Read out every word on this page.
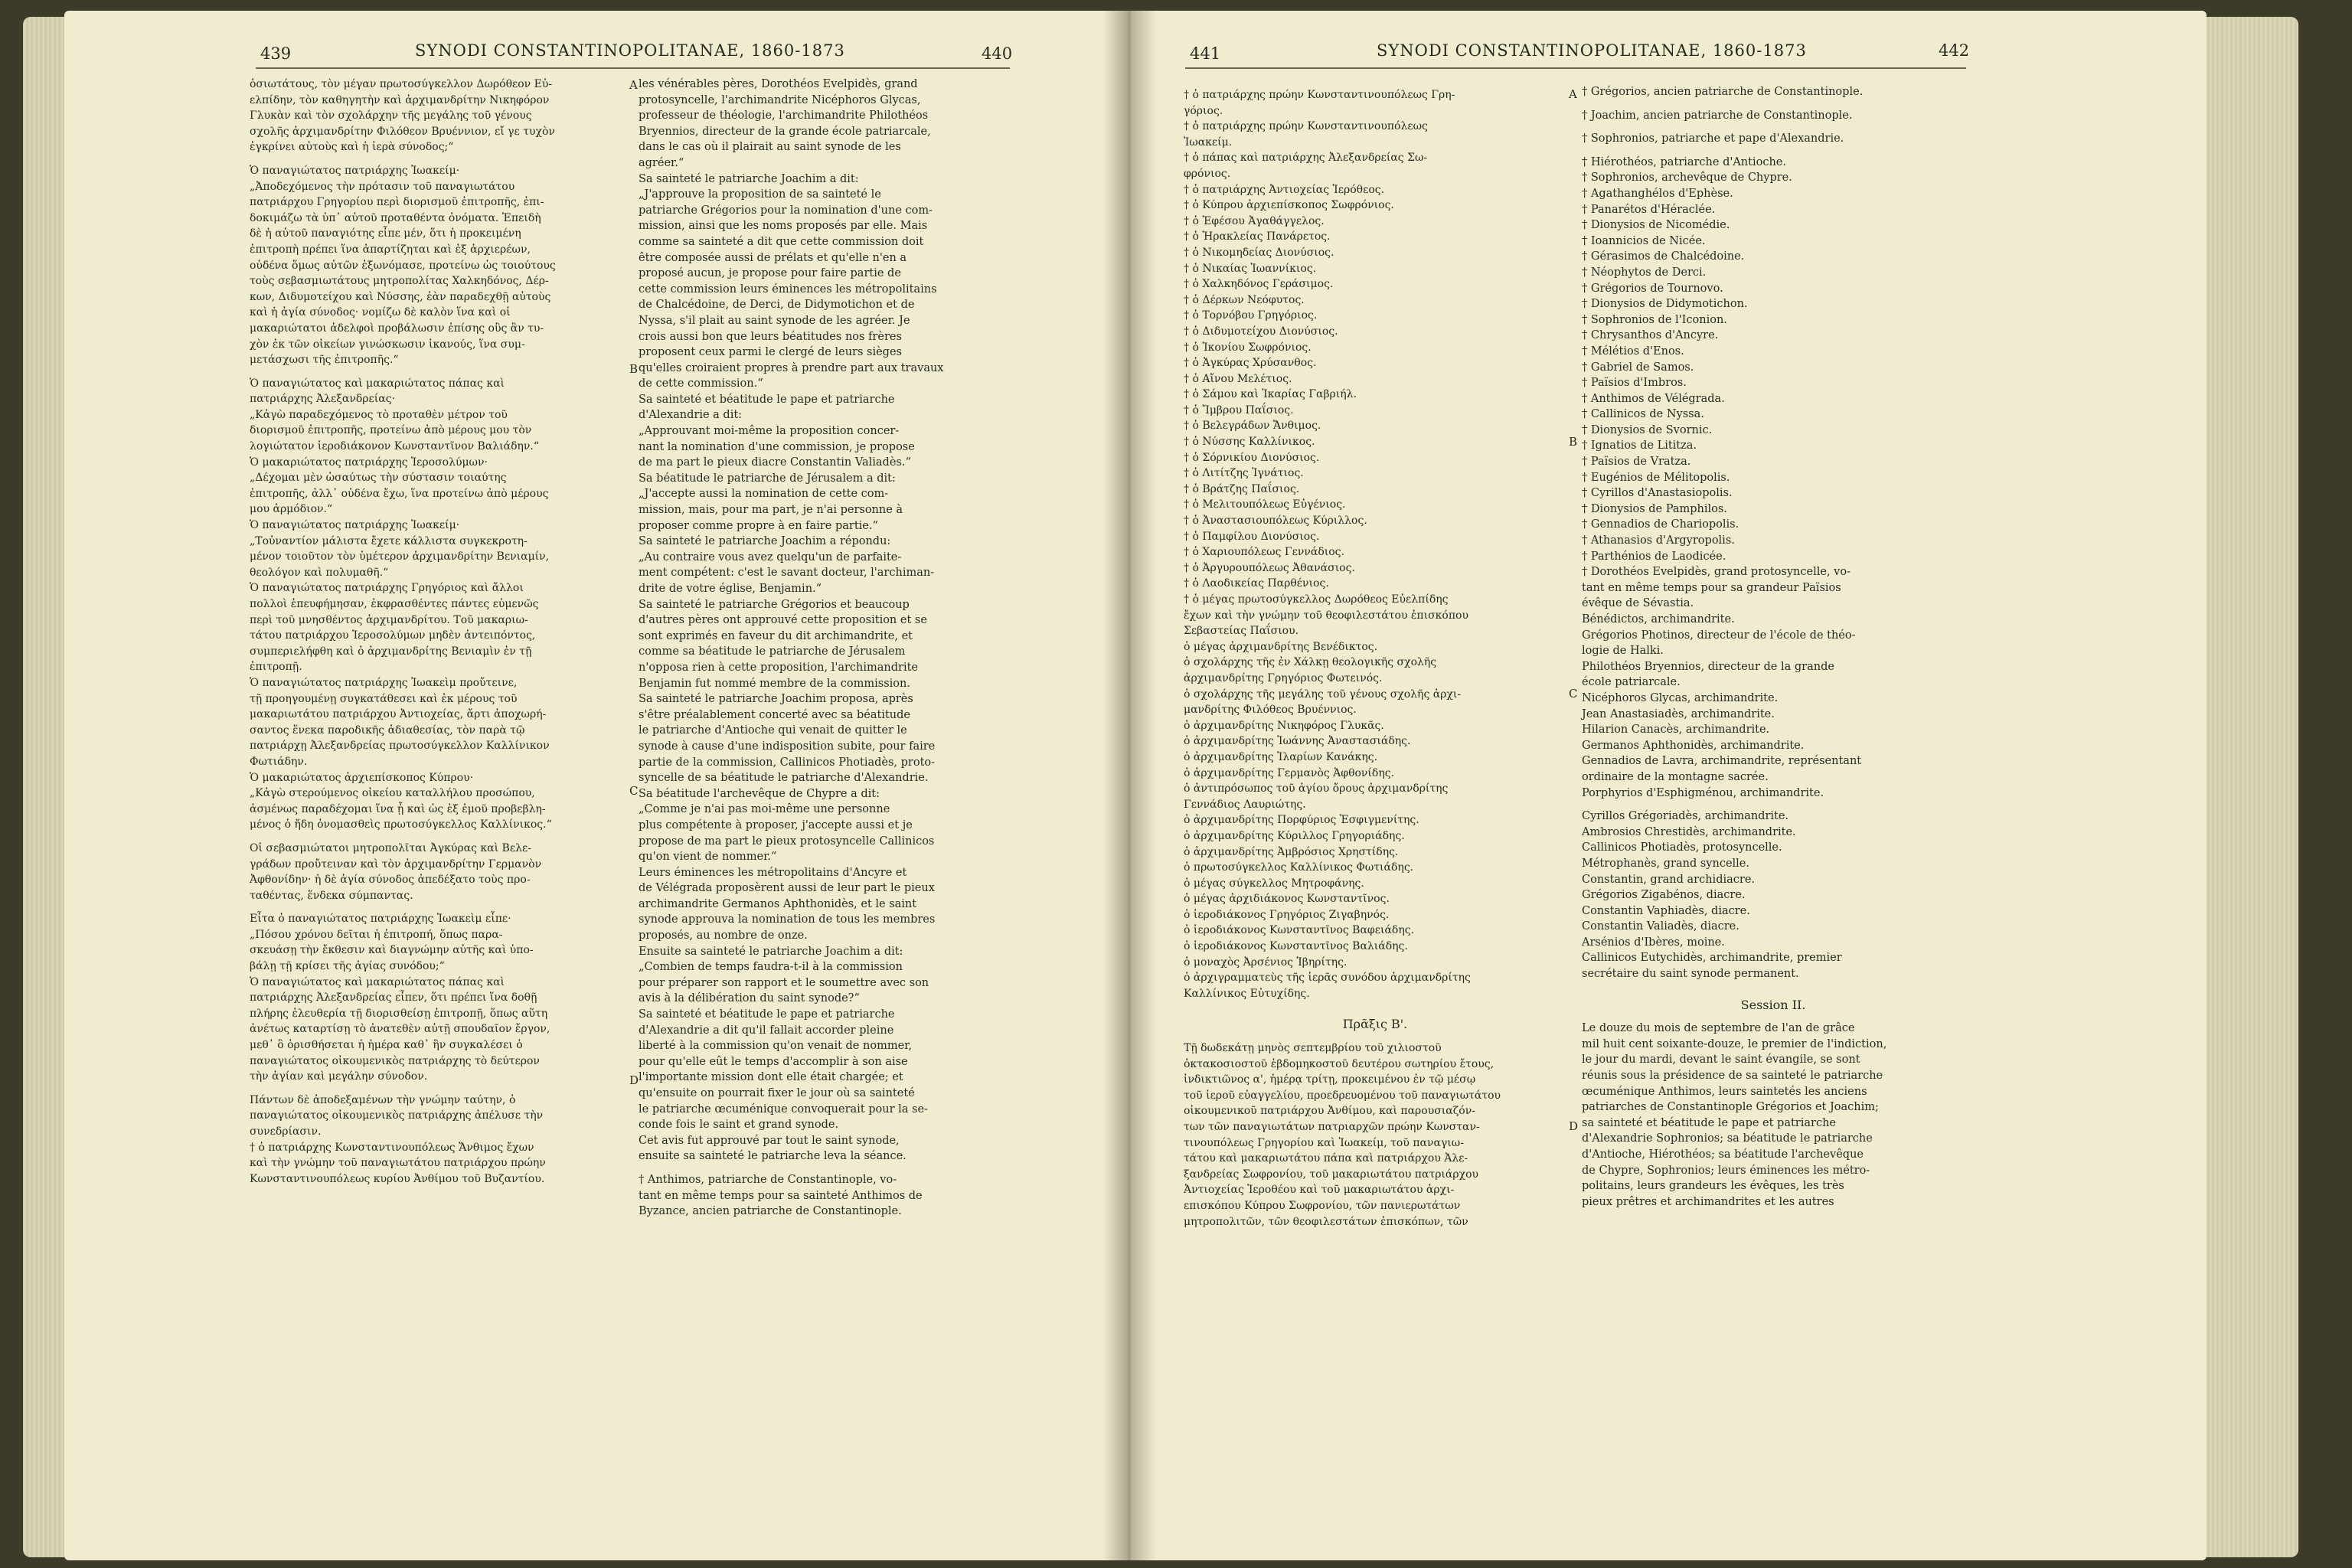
439	SYNODI CONSTANTINOPOLITANAE, 1860-1873	440

ὁσιωτάτους, τὸν μέγαν πρωτοσύγκελλον Δωρόθεον Εὐ-

ελπίδην, τὸν καθηγητὴν καὶ ἀρχιμανδρίτην Νικηφόρον

Γλυκὰν καὶ τὸν σχολάρχην τῆς μεγάλης τοῦ γένους

σχολῆς ἀρχιμανδρίτην Φιλόθεον Βρυέννιον, εἴ γε τυχὸν

ἐγκρίνει αὐτοὺς καὶ ἡ ἱερὰ σύνοδος;“

Ὁ παναγιώτατος πατριάρχης Ἰωακείμ·

„Ἀποδεχόμενος τὴν πρότασιν τοῦ παναγιωτάτου

πατριάρχου Γρηγορίου περὶ διορισμοῦ ἐπιτροπῆς, ἐπι-

δοκιμάζω τὰ ὑπ᾽ αὐτοῦ προταθέντα ὀνόματα. Ἐπειδὴ

δὲ ἡ αὐτοῦ παναγιότης εἶπε μέν, ὅτι ἡ προκειμένη

ἐπιτροπὴ πρέπει ἵνα ἀπαρτίζηται καὶ ἐξ ἀρχιερέων,

οὐδένα ὅμως αὐτῶν ἐξωνόμασε, προτείνω ὡς τοιούτους

τοὺς σεβασμιωτάτους μητροπολίτας Χαλκηδόνος, Δέρ-

κων, Διδυμοτείχου καὶ Νύσσης, ἐὰν παραδεχθῇ αὐτοὺς

καὶ ἡ ἁγία σύνοδος· νομίζω δὲ καλὸν ἵνα καὶ οἱ

μακαριώτατοι ἀδελφοὶ προβάλωσιν ἐπίσης οὓς ἂν τυ-

χὸν ἐκ τῶν οἰκείων γινώσκωσιν ἱκανούς, ἵνα συμ-

μετάσχωσι τῆς ἐπιτροπῆς.“

Ὁ παναγιώτατος καὶ μακαριώτατος πάπας καὶ

πατριάρχης Ἀλεξανδρείας·

„Κἀγὼ παραδεχόμενος τὸ προταθὲν μέτρον τοῦ

διορισμοῦ ἐπιτροπῆς, προτείνω ἀπὸ μέρους μου τὸν

λογιώτατον ἱεροδιάκονον Κωνσταντῖνον Βαλιάδην.“

Ὁ μακαριώτατος πατριάρχης Ἱεροσολύμων·

„Δέχομαι μὲν ὡσαύτως τὴν σύστασιν τοιαύτης

ἐπιτροπῆς, ἀλλ᾽ οὐδένα ἔχω, ἵνα προτείνω ἀπὸ μέρους

μου ἁρμόδιον.“

Ὁ παναγιώτατος πατριάρχης Ἰωακείμ·

„Τοὐναντίον μάλιστα ἔχετε κάλλιστα συγκεκροτη-

μένον τοιοῦτον τὸν ὑμέτερον ἀρχιμανδρίτην Βενιαμίν,

θεολόγον καὶ πολυμαθῆ.“

Ὁ παναγιώτατος πατριάρχης Γρηγόριος καὶ ἄλλοι

πολλοὶ ἐπευφήμησαν, ἐκφρασθέντες πάντες εὐμενῶς

περὶ τοῦ μνησθέντος ἀρχιμανδρίτου. Τοῦ μακαριω-

τάτου πατριάρχου Ἱεροσολύμων μηδὲν ἀντειπόντος,

συμπεριελήφθη καὶ ὁ ἀρχιμανδρίτης Βενιαμὶν ἐν τῇ

ἐπιτροπῇ.

Ὁ παναγιώτατος πατριάρχης Ἰωακεὶμ προὔτεινε,

τῇ προηγουμένῃ συγκατάθεσει καὶ ἐκ μέρους τοῦ

μακαριωτάτου πατριάρχου Ἀντιοχείας, ἄρτι ἀποχωρή-

σαντος ἕνεκα παροδικῆς ἀδιαθεσίας, τὸν παρὰ τῷ

πατριάρχῃ Ἀλεξανδρείας πρωτοσύγκελλον Καλλίνικον

Φωτιάδην.

Ὁ μακαριώτατος ἀρχιεπίσκοπος Κύπρου·

„Κἀγὼ στερούμενος οἰκείου καταλλήλου προσώπου,

ἀσμένως παραδέχομαι ἵνα ᾖ καὶ ὡς ἐξ ἐμοῦ προβεβλη-

μένος ὁ ἤδη ὀνομασθεὶς πρωτοσύγκελλος Καλλίνικος.“

Οἱ σεβασμιώτατοι μητροπολῖται Ἀγκύρας καὶ Βελε-

γράδων προὔτειναν καὶ τὸν ἀρχιμανδρίτην Γερμανὸν

Ἀφθονίδην· ἡ δὲ ἁγία σύνοδος ἀπεδέξατο τοὺς προ-

ταθέντας, ἕνδεκα σύμπαντας.

Εἶτα ὁ παναγιώτατος πατριάρχης Ἰωακεὶμ εἶπε·

„Πόσου χρόνου δεῖται ἡ ἐπιτροπή, ὅπως παρα-

σκευάσῃ τὴν ἔκθεσιν καὶ διαγνώμην αὐτῆς καὶ ὑπο-

βάλῃ τῇ κρίσει τῆς ἁγίας συνόδου;“

Ὁ παναγιώτατος καὶ μακαριώτατος πάπας καὶ

πατριάρχης Ἀλεξανδρείας εἶπεν, ὅτι πρέπει ἵνα δοθῇ

πλήρης ἐλευθερία τῇ διορισθείσῃ ἐπιτροπῇ, ὅπως αὕτη

ἀνέτως καταρτίσῃ τὸ ἀνατεθὲν αὐτῇ σπουδαῖον ἔργον,

μεθ᾽ ὃ ὁρισθήσεται ἡ ἡμέρα καθ᾽ ἣν συγκαλέσει ὁ

παναγιώτατος οἰκουμενικὸς πατριάρχης τὸ δεύτερον

τὴν ἁγίαν καὶ μεγάλην σύνοδον.

Πάντων δὲ ἀποδεξαμένων τὴν γνώμην ταύτην, ὁ

παναγιώτατος οἰκουμενικὸς πατριάρχης ἀπέλυσε τὴν

συνεδρίασιν.

† ὁ πατριάρχης Κωνσταντινουπόλεως Ἄνθιμος ἔχων

καὶ τὴν γνώμην τοῦ παναγιωτάτου πατριάρχου πρώην

Κωνσταντινουπόλεως κυρίου Ἀνθίμου τοῦ Βυζαντίου.

les vénérables pères, Dorothéos Evelpidès, grand

protosyncelle, l'archimandrite Nicéphoros Glycas,

professeur de théologie, l'archimandrite Philothéos

Bryennios, directeur de la grande école patriarcale,

dans le cas où il plairait au saint synode de les

agréer.“

Sa sainteté le patriarche Joachim a dit:

„J'approuve la proposition de sa sainteté le

patriarche Grégorios pour la nomination d'une com-

mission, ainsi que les noms proposés par elle. Mais

comme sa sainteté a dit que cette commission doit

être composée aussi de prélats et qu'elle n'en a

proposé aucun, je propose pour faire partie de

cette commission leurs éminences les métropolitains

de Chalcédoine, de Derci, de Didymotichon et de

Nyssa, s'il plait au saint synode de les agréer. Je

crois aussi bon que leurs béatitudes nos frères

proposent ceux parmi le clergé de leurs sièges

qu'elles croiraient propres à prendre part aux travaux

de cette commission.“

Sa sainteté et béatitude le pape et patriarche

d'Alexandrie a dit:

„Approuvant moi-même la proposition concer-

nant la nomination d'une commission, je propose

de ma part le pieux diacre Constantin Valiadès.“

Sa béatitude le patriarche de Jérusalem a dit:

„J'accepte aussi la nomination de cette com-

mission, mais, pour ma part, je n'ai personne à

proposer comme propre à en faire partie.“

Sa sainteté le patriarche Joachim a répondu:

„Au contraire vous avez quelqu'un de parfaite-

ment compétent: c'est le savant docteur, l'archiman-

drite de votre église, Benjamin.“

Sa sainteté le patriarche Grégorios et beaucoup

d'autres pères ont approuvé cette proposition et se

sont exprimés en faveur du dit archimandrite, et

comme sa béatitude le patriarche de Jérusalem

n'opposa rien à cette proposition, l'archimandrite

Benjamin fut nommé membre de la commission.

Sa sainteté le patriarche Joachim proposa, après

s'être préalablement concerté avec sa béatitude

le patriarche d'Antioche qui venait de quitter le

synode à cause d'une indisposition subite, pour faire

partie de la commission, Callinicos Photiadès, proto-

syncelle de sa béatitude le patriarche d'Alexandrie.

Sa béatitude l'archevêque de Chypre a dit:

„Comme je n'ai pas moi-même une personne

plus compétente à proposer, j'accepte aussi et je

propose de ma part le pieux protosyncelle Callinicos

qu'on vient de nommer.“

Leurs éminences les métropolitains d'Ancyre et

de Vélégrada proposèrent aussi de leur part le pieux

archimandrite Germanos Aphthonidès, et le saint

synode approuva la nomination de tous les membres

proposés, au nombre de onze.

Ensuite sa sainteté le patriarche Joachim a dit:

„Combien de temps faudra-t-il à la commission

pour préparer son rapport et le soumettre avec son

avis à la délibération du saint synode?“

Sa sainteté et béatitude le pape et patriarche

d'Alexandrie a dit qu'il fallait accorder pleine

liberté à la commission qu'on venait de nommer,

pour qu'elle eût le temps d'accomplir à son aise

l'importante mission dont elle était chargée; et

qu'ensuite on pourrait fixer le jour où sa sainteté

le patriarche œcuménique convoquerait pour la se-

conde fois le saint et grand synode.

Cet avis fut approuvé par tout le saint synode,

ensuite sa sainteté le patriarche leva la séance.

† Anthimos, patriarche de Constantinople, vo-

tant en même temps pour sa sainteté Anthimos de

Byzance, ancien patriarche de Constantinople.

A
B
C
D
441	SYNODI CONSTANTINOPOLITANAE, 1860-1873	442

† ὁ πατριάρχης πρώην Κωνσταντινουπόλεως Γρη-

γόριος.

† ὁ πατριάρχης πρώην Κωνσταντινουπόλεως

Ἰωακείμ.

† ὁ πάπας καὶ πατριάρχης Ἀλεξανδρείας Σω-

φρόνιος.

† ὁ πατριάρχης Ἀντιοχείας Ἱερόθεος.

† ὁ Κύπρου ἀρχιεπίσκοπος Σωφρόνιος.

† ὁ Ἐφέσου Ἀγαθάγγελος.

† ὁ Ἡρακλείας Πανάρετος.

† ὁ Νικομηδείας Διονύσιος.

† ὁ Νικαίας Ἰωαννίκιος.

† ὁ Χαλκηδόνος Γεράσιμος.

† ὁ Δέρκων Νεόφυτος.

† ὁ Τορνόβου Γρηγόριος.

† ὁ Διδυμοτείχου Διονύσιος.

† ὁ Ἰκονίου Σωφρόνιος.

† ὁ Ἀγκύρας Χρύσανθος.

† ὁ Αἴνου Μελέτιος.

† ὁ Σάμου καὶ Ἰκαρίας Γαβριήλ.

† ὁ Ἴμβρου Παΐσιος.

† ὁ Βελεγράδων Ἄνθιμος.

† ὁ Νύσσης Καλλίνικος.

† ὁ Σόρνικίου Διονύσιος.

† ὁ Λιτίτζης Ἰγνάτιος.

† ὁ Βράτζης Παΐσιος.

† ὁ Μελιτουπόλεως Εὐγένιος.

† ὁ Ἀναστασιουπόλεως Κύριλλος.

† ὁ Παμφίλου Διονύσιος.

† ὁ Χαριουπόλεως Γεννάδιος.

† ὁ Ἀργυρουπόλεως Ἀθανάσιος.

† ὁ Λαοδικείας Παρθένιος.

† ὁ μέγας πρωτοσύγκελλος Δωρόθεος Εὐελπίδης

ἔχων καὶ τὴν γνώμην τοῦ θεοφιλεστάτου ἐπισκόπου

Σεβαστείας Παΐσιου.

ὁ μέγας ἀρχιμανδρίτης Βενέδικτος.

ὁ σχολάρχης τῆς ἐν Χάλκῃ θεολογικῆς σχολῆς

ἀρχιμανδρίτης Γρηγόριος Φωτεινός.

ὁ σχολάρχης τῆς μεγάλης τοῦ γένους σχολῆς ἀρχι-

μανδρίτης Φιλόθεος Βρυέννιος.

ὁ ἀρχιμανδρίτης Νικηφόρος Γλυκᾶς.

ὁ ἀρχιμανδρίτης Ἰωάννης Ἀναστασιάδης.

ὁ ἀρχιμανδρίτης Ἱλαρίων Κανάκης.

ὁ ἀρχιμανδρίτης Γερμανὸς Ἀφθονίδης.

ὁ ἀντιπρόσωπος τοῦ ἁγίου ὄρους ἀρχιμανδρίτης

Γεννάδιος Λαυριώτης.

ὁ ἀρχιμανδρίτης Πορφύριος Ἐσφιγμενίτης.

ὁ ἀρχιμανδρίτης Κύριλλος Γρηγοριάδης.

ὁ ἀρχιμανδρίτης Ἀμβρόσιος Χρηστίδης.

ὁ πρωτοσύγκελλος Καλλίνικος Φωτιάδης.

ὁ μέγας σύγκελλος Μητροφάνης.

ὁ μέγας ἀρχιδιάκονος Κωνσταντῖνος.

ὁ ἱεροδιάκονος Γρηγόριος Ζιγαβηνός.

ὁ ἱεροδιάκονος Κωνσταντῖνος Βαφειάδης.

ὁ ἱεροδιάκονος Κωνσταντῖνος Βαλιάδης.

ὁ μοναχὸς Ἀρσένιος Ἰβηρίτης.

ὁ ἀρχιγραμματεὺς τῆς ἱερᾶς συνόδου ἀρχιμανδρίτης

Καλλίνικος Εὐτυχίδης.

Πρᾶξις Β'.

Τῇ δωδεκάτῃ μηνὸς σεπτεμβρίου τοῦ χιλιοστοῦ

ὀκτακοσιοστοῦ ἑβδομηκοστοῦ δευτέρου σωτηρίου ἔτους,

ἰνδικτιῶνος α', ἡμέρᾳ τρίτῃ, προκειμένου ἐν τῷ μέσῳ

τοῦ ἱεροῦ εὐαγγελίου, προεδρευομένου τοῦ παναγιωτάτου

οἰκουμενικοῦ πατριάρχου Ἀνθίμου, καὶ παρουσιαζόν-

των τῶν παναγιωτάτων πατριαρχῶν πρώην Κωνσταν-

τινουπόλεως Γρηγορίου καὶ Ἰωακείμ, τοῦ παναγιω-

τάτου καὶ μακαριωτάτου πάπα καὶ πατριάρχου Ἀλε-

ξανδρείας Σωφρονίου, τοῦ μακαριωτάτου πατριάρχου

Ἀντιοχείας Ἱεροθέου καὶ τοῦ μακαριωτάτου ἀρχι-

επισκόπου Κύπρου Σωφρονίου, τῶν πανιερωτάτων

μητροπολιτῶν, τῶν θεοφιλεστάτων ἐπισκόπων, τῶν

† Grégorios, ancien patriarche de Constantinople.

† Joachim, ancien patriarche de Constantinople.

† Sophronios, patriarche et pape d'Alexandrie.

† Hiérothéos, patriarche d'Antioche.

† Sophronios, archevêque de Chypre.

† Agathanghélos d'Ephèse.

† Panarétos d'Héraclée.

† Dionysios de Nicomédie.

† Ioannicios de Nicée.

† Gérasimos de Chalcédoine.

† Néophytos de Derci.

† Grégorios de Tournovo.

† Dionysios de Didymotichon.

† Sophronios de l'Iconion.

† Chrysanthos d'Ancyre.

† Mélétios d'Enos.

† Gabriel de Samos.

† Païsios d'Imbros.

† Anthimos de Vélégrada.

† Callinicos de Nyssa.

† Dionysios de Svornic.

† Ignatios de Lititza.

† Païsios de Vratza.

† Eugénios de Mélitopolis.

† Cyrillos d'Anastasiopolis.

† Dionysios de Pamphilos.

† Gennadios de Chariopolis.

† Athanasios d'Argyropolis.

† Parthénios de Laodicée.

† Dorothéos Evelpidès, grand protosyncelle, vo-

tant en même temps pour sa grandeur Païsios

évêque de Sévastia.

Bénédictos, archimandrite.

Grégorios Photinos, directeur de l'école de théo-

logie de Halki.

Philothéos Bryennios, directeur de la grande

école patriarcale.

Nicéphoros Glycas, archimandrite.

Jean Anastasiadès, archimandrite.

Hilarion Canacès, archimandrite.

Germanos Aphthonidès, archimandrite.

Gennadios de Lavra, archimandrite, représentant

ordinaire de la montagne sacrée.

Porphyrios d'Esphigménou, archimandrite.

Cyrillos Grégoriadès, archimandrite.

Ambrosios Chrestidès, archimandrite.

Callinicos Photiadès, protosyncelle.

Métrophanès, grand syncelle.

Constantin, grand archidiacre.

Grégorios Zigabénos, diacre.

Constantin Vaphiadès, diacre.

Constantin Valiadès, diacre.

Arsénios d'Ibères, moine.

Callinicos Eutychidès, archimandrite, premier

secrétaire du saint synode permanent.

Session II.

Le douze du mois de septembre de l'an de grâce

mil huit cent soixante-douze, le premier de l'indiction,

le jour du mardi, devant le saint évangile, se sont

réunis sous la présidence de sa sainteté le patriarche

œcuménique Anthimos, leurs saintetés les anciens

patriarches de Constantinople Grégorios et Joachim;

sa sainteté et béatitude le pape et patriarche

d'Alexandrie Sophronios; sa béatitude le patriarche

d'Antioche, Hiérothéos; sa béatitude l'archevêque

de Chypre, Sophronios; leurs éminences les métro-

politains, leurs grandeurs les évêques, les très

pieux prêtres et archimandrites et les autres

A
B
C
D
